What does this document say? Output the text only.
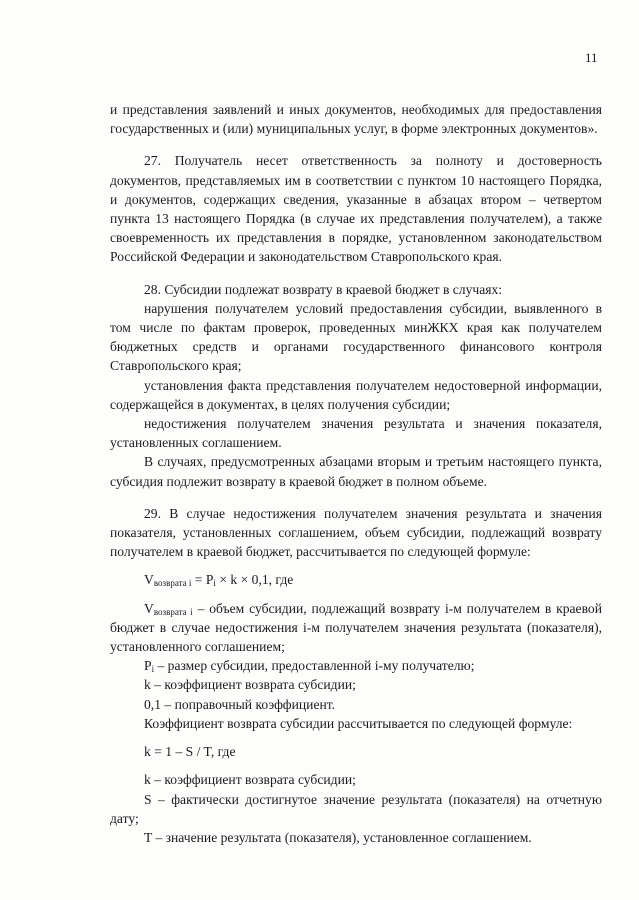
11

и представления заявлений и иных документов, необходимых для предоставления государственных и (или) муниципальных услуг, в форме электронных документов».

27. Получатель несет ответственность за полноту и достоверность документов, представляемых им в соответствии с пунктом 10 настоящего Порядка, и документов, содержащих сведения, указанные в абзацах втором – четвертом пункта 13 настоящего Порядка (в случае их представления получателем), а также своевременность их представления в порядке, установленном законодательством Российской Федерации и законодательством Ставропольского края.

28. Субсидии подлежат возврату в краевой бюджет в случаях:

нарушения получателем условий предоставления субсидии, выявленного в том числе по фактам проверок, проведенных минЖКХ края как получателем бюджетных средств и органами государственного финансового контроля Ставропольского края;

установления факта представления получателем недостоверной информации, содержащейся в документах, в целях получения субсидии;

недостижения получателем значения результата и значения показателя, установленных соглашением.

В случаях, предусмотренных абзацами вторым и третьим настоящего пункта, субсидия подлежит возврату в краевой бюджет в полном объеме.

29. В случае недостижения получателем значения результата и значения показателя, установленных соглашением, объем субсидии, подлежащий возврату получателем в краевой бюджет, рассчитывается по следующей формуле:

$V_{возврата i} = P_i \times k \times 0,1$, где

$V_{возврата i}$ – объем субсидии, подлежащий возврату i-м получателем в краевой бюджет в случае недостижения i-м получателем значения результата (показателя), установленного соглашением;

$P_i$ – размер субсидии, предоставленной i-му получателю;

k – коэффициент возврата субсидии;

0,1 – поправочный коэффициент.

Коэффициент возврата субсидии рассчитывается по следующей формуле:

k = 1 – S / T, где

k – коэффициент возврата субсидии;

S – фактически достигнутое значение результата (показателя) на отчетную дату;

T – значение результата (показателя), установленное соглашением.
